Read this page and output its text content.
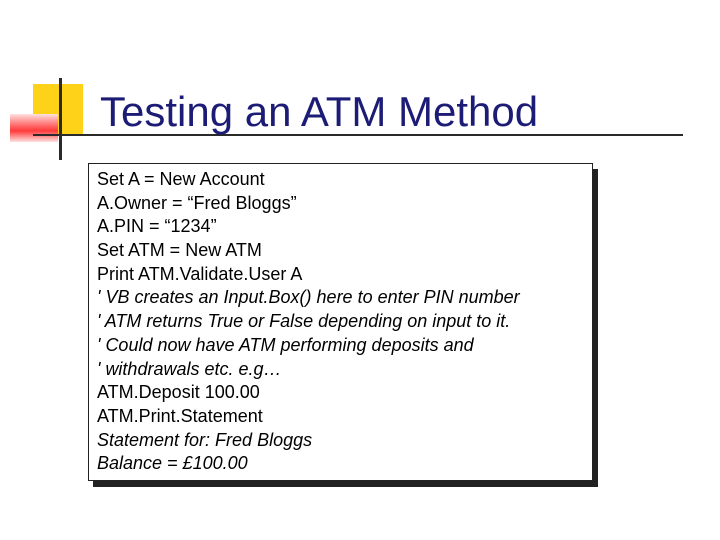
Testing an ATM Method
Set A = New Account
A.Owner = “Fred Bloggs”
A.PIN = “1234”
Set ATM = New ATM
Print ATM.Validate.User A
' VB creates an Input.Box() here to enter PIN number
' ATM returns True or False depending on input to it.
' Could now have ATM performing deposits and
' withdrawals etc. e.g…
ATM.Deposit 100.00
ATM.Print.Statement
Statement for: Fred Bloggs
Balance = £100.00
